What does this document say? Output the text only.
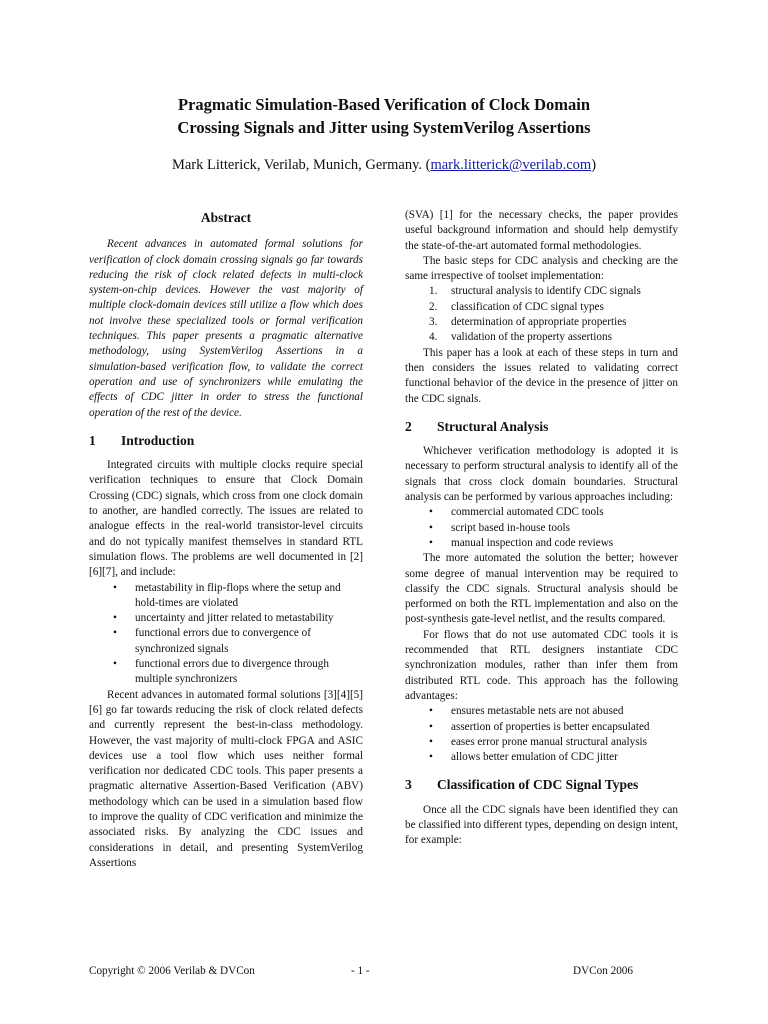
Pragmatic Simulation-Based Verification of Clock Domain
Crossing Signals and Jitter using SystemVerilog Assertions
Mark Litterick, Verilab, Munich, Germany. (mark.litterick@verilab.com)
Abstract

Recent advances in automated formal solutions for verification of clock domain crossing signals go far towards reducing the risk of clock related defects in multi-clock system-on-chip devices. However the vast majority of multiple clock-domain devices still utilize a flow which does not involve these specialized tools or formal verification techniques. This paper presents a pragmatic alternative methodology, using SystemVerilog Assertions in a simulation-based verification flow, to validate the correct operation and use of synchronizers while emulating the effects of CDC jitter in order to stress the functional operation of the rest of the device.

1 Introduction

Integrated circuits with multiple clocks require special verification techniques to ensure that Clock Domain Crossing (CDC) signals, which cross from one clock domain to another, are handled correctly. The issues are related to analogue effects in the real-world transistor-level circuits and do not typically manifest themselves in standard RTL simulation flows. The problems are well documented in [2][6][7], and include:

• metastability in flip-flops where the setup and hold-times are violated
• uncertainty and jitter related to metastability
• functional errors due to convergence of synchronized signals
• functional errors due to divergence through multiple synchronizers

Recent advances in automated formal solutions [3][4][5][6] go far towards reducing the risk of clock related defects and currently represent the best-in-class methodology. However, the vast majority of multi-clock FPGA and ASIC devices use a tool flow which uses neither formal verification nor dedicated CDC tools. This paper presents a pragmatic alternative Assertion-Based Verification (ABV) methodology which can be used in a simulation based flow to improve the quality of CDC verification and minimize the associated risks. By analyzing the CDC issues and considerations in detail, and presenting SystemVerilog Assertions

(SVA) [1] for the necessary checks, the paper provides useful background information and should help demystify the state-of-the-art automated formal methodologies.

The basic steps for CDC analysis and checking are the same irrespective of toolset implementation:

1. structural analysis to identify CDC signals
2. classification of CDC signal types
3. determination of appropriate properties
4. validation of the property assertions

This paper has a look at each of these steps in turn and then considers the issues related to validating correct functional behavior of the device in the presence of jitter on the CDC signals.

2 Structural Analysis

Whichever verification methodology is adopted it is necessary to perform structural analysis to identify all of the signals that cross clock domain boundaries. Structural analysis can be performed by various approaches including:

• commercial automated CDC tools
• script based in-house tools
• manual inspection and code reviews

The more automated the solution the better; however some degree of manual intervention may be required to classify the CDC signals. Structural analysis should be performed on both the RTL implementation and also on the post-synthesis gate-level netlist, and the results compared.

For flows that do not use automated CDC tools it is recommended that RTL designers instantiate CDC synchronization modules, rather than infer them from distributed RTL code. This approach has the following advantages:

• ensures metastable nets are not abused
• assertion of properties is better encapsulated
• eases error prone manual structural analysis
• allows better emulation of CDC jitter
3 Classification of CDC Signal Types

Once all the CDC signals have been identified they can be classified into different types, depending on design intent, for example:

Copyright © 2006 Verilab & DVCon	- 1 -	DVCon 2006
